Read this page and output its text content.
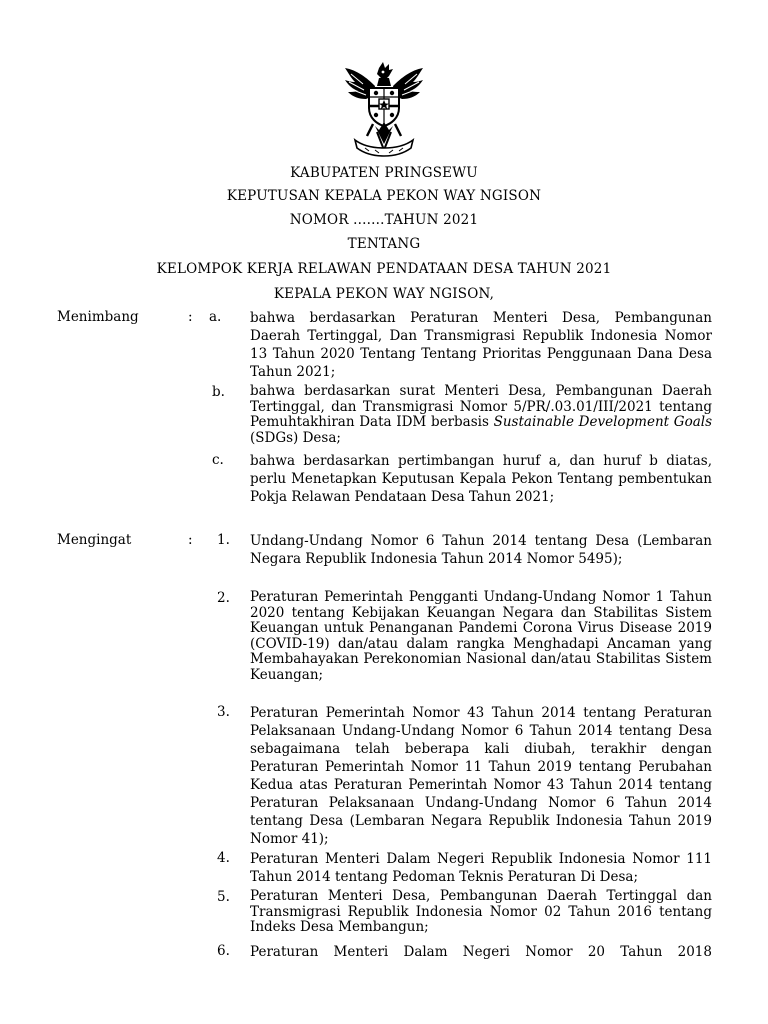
KABUPATEN PRINGSEWU
KEPUTUSAN KEPALA PEKON WAY NGISON
NOMOR .......TAHUN 2021
TENTANG
KELOMPOK KERJA RELAWAN PENDATAAN DESA TAHUN 2021
KEPALA PEKON WAY NGISON,
Menimbang	: a. bahwa berdasarkan Peraturan Menteri Desa, Pembangunan Daerah Tertinggal, Dan Transmigrasi Republik Indonesia Nomor 13 Tahun 2020 Tentang Tentang Prioritas Penggunaan Dana Desa Tahun 2021;
b. bahwa berdasarkan surat Menteri Desa, Pembangunan Daerah Tertinggal, dan Transmigrasi Nomor 5/PR/.03.01/III/2021 tentang Pemuhtakhiran Data IDM berbasis Sustainable Development Goals (SDGs) Desa;
c. bahwa berdasarkan pertimbangan huruf a, dan huruf b diatas, perlu Menetapkan Keputusan Kepala Pekon Tentang pembentukan Pokja Relawan Pendataan Desa Tahun 2021;
Mengingat	: 1. Undang-Undang Nomor 6 Tahun 2014 tentang Desa (Lembaran Negara Republik Indonesia Tahun 2014 Nomor 5495);
2. Peraturan Pemerintah Pengganti Undang-Undang Nomor 1 Tahun 2020 tentang Kebijakan Keuangan Negara dan Stabilitas Sistem Keuangan untuk Penanganan Pandemi Corona Virus Disease 2019 (COVID-19) dan/atau dalam rangka Menghadapi Ancaman yang Membahayakan Perekonomian Nasional dan/atau Stabilitas Sistem Keuangan;
3. Peraturan Pemerintah Nomor 43 Tahun 2014 tentang Peraturan Pelaksanaan Undang-Undang Nomor 6 Tahun 2014 tentang Desa sebagaimana telah beberapa kali diubah, terakhir dengan Peraturan Pemerintah Nomor 11 Tahun 2019 tentang Perubahan Kedua atas Peraturan Pemerintah Nomor 43 Tahun 2014 tentang Peraturan Pelaksanaan Undang-Undang Nomor 6 Tahun 2014 tentang Desa (Lembaran Negara Republik Indonesia Tahun 2019 Nomor 41);
4. Peraturan Menteri Dalam Negeri Republik Indonesia Nomor 111 Tahun 2014 tentang Pedoman Teknis Peraturan Di Desa;
5. Peraturan Menteri Desa, Pembangunan Daerah Tertinggal dan Transmigrasi Republik Indonesia Nomor 02 Tahun 2016 tentang Indeks Desa Membangun;
6. Peraturan Menteri Dalam Negeri Nomor 20 Tahun 2018
